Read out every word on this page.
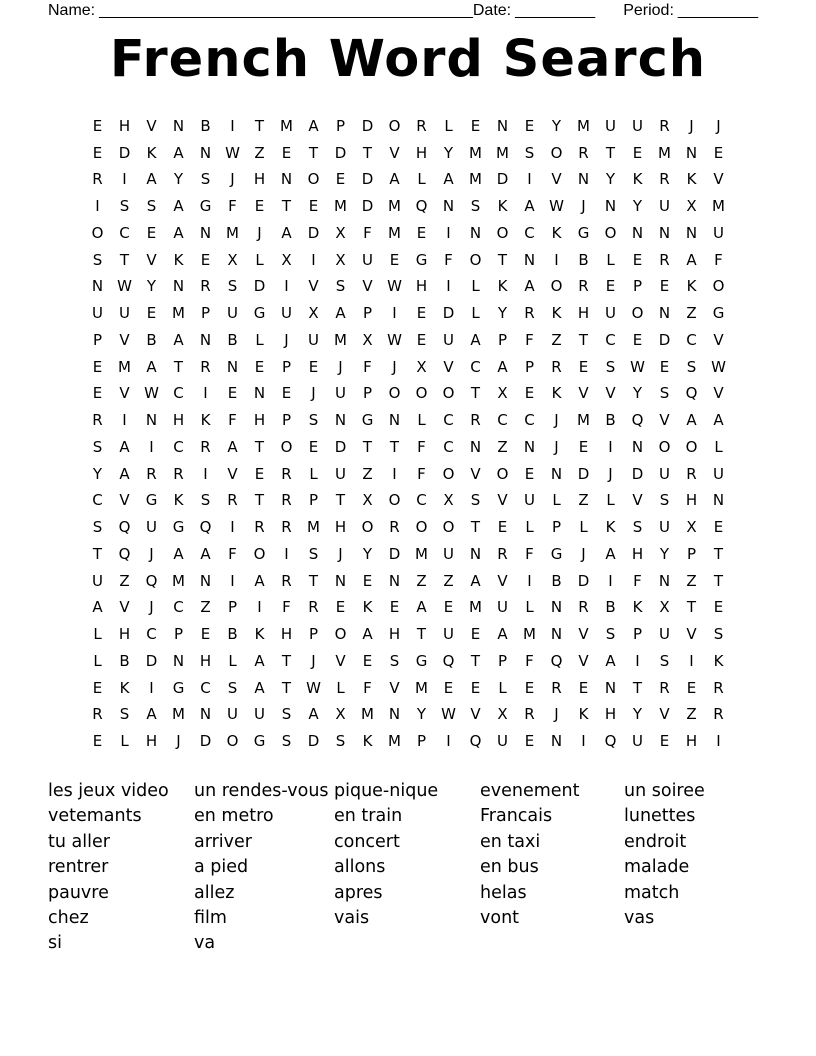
Name: __________________________________________ Date: _________ Period: _________
French Word Search
E	H	V	N	B	I	T	M	A	P	D	O	R	L	E	N	E	Y	M	U	U	R	J	J
E	D	K	A	N W Z	E	T	D	T	V	H	Y	M M	S	O	R	T	E	M N	E
R	I	A	Y	S	J	H	N	O	E	D	A	L	A	M D	I	V	N	Y	K	R	K	V
I	S	S	A	G	F	E	T	E	M D M Q	N	S	K	A W	J	N	Y	U	X	M
O	C	E	A	N M	J	A	D	X	F	M	E	I	N	O	C	K	G	O	N	N	N	U
S	T	V	K	E	X	L	X	I	X	U	E	G	F	O	T	N	I	B	L	E	R	A	F
N W Y	N	R	S	D	I	V	S	V W H	I	L	K	A	O	R	E	P	E	K	O
U	U	E	M	P	U	G	U	X	A	P	I	E	D	L	Y	R	K	H	U	O	N	Z	G
P	V	B	A	N	B	L	J	U	M	X W E	U	A	P	F	Z	T	C	E	D	C	V
E	M	A	T	R	N	E	P	E	J	F	J	X	V	C	A	P	R	E	S W E	S W
E	V W C	I	E	N	E	J	U	P	O	O	O	T	X	E	K	V	V	Y	S	Q	V
R	I	N	H	K	F	H	P	S	N	G	N	L	C	R	C	C	J	M	B	Q	V	A	A
S	A	I	C	R	A	T	O	E	D	T	T	F	C	N	Z	N	J	E	I	N	O	O	L
Y	A	R	R	I	V	E	R	L	U	Z	I	F	O	V	O	E	N	D	J	D	U	R	U
C	V	G	K	S	R	T	R	P	T	X	O	C	X	S	V	U	L	Z	L	V	S	H	N
S	Q	U	G	Q	I	R	R	M H	O	R	O	O	T	E	L	P	L	K	S	U	X	E
T	Q	J	A	A	F	O	I	S	J	Y	D M	U	N	R	F	G	J	A	H	Y	P	T
U	Z	Q M N	I	A	R	T	N	E	N	Z	Z	A	V	I	B	D	I	F	N	Z	T
A	V	J	C	Z	P	I	F	R	E	K	E	A	E	M	U	L	N	R	B	K	X	T	E
L	H	C	P	E	B	K	H	P	O	A	H	T	U	E	A	M N	V	S	P	U	V	S
L	B	D	N	H	L	A	T	J	V	E	S	G	Q	T	P	F	Q	V	A	I	S	I	K
E	K	I	G	C	S	A	T	W	L	F	V	M	E	E	L	E	R	E	N	T	R	E	R
R	S	A	M N	U	U	S	A	X	M N	Y	W V	X	R	J	K	H	Y	V	Z	R
E	L	H	J	D	O	G	S	D	S	K	M	P	I	Q	U	E	N	I	Q	U	E	H	I
les jeux video
vetemants
tu aller
rentrer
pauvre
chez
si
un rendes-vous
en metro
arriver
a pied
allez
film
va
pique-nique
en train
concert
allons
apres
vais
evenement
Francais
en taxi
en bus
helas
vont
un soiree
lunettes
endroit
malade
match
vas
